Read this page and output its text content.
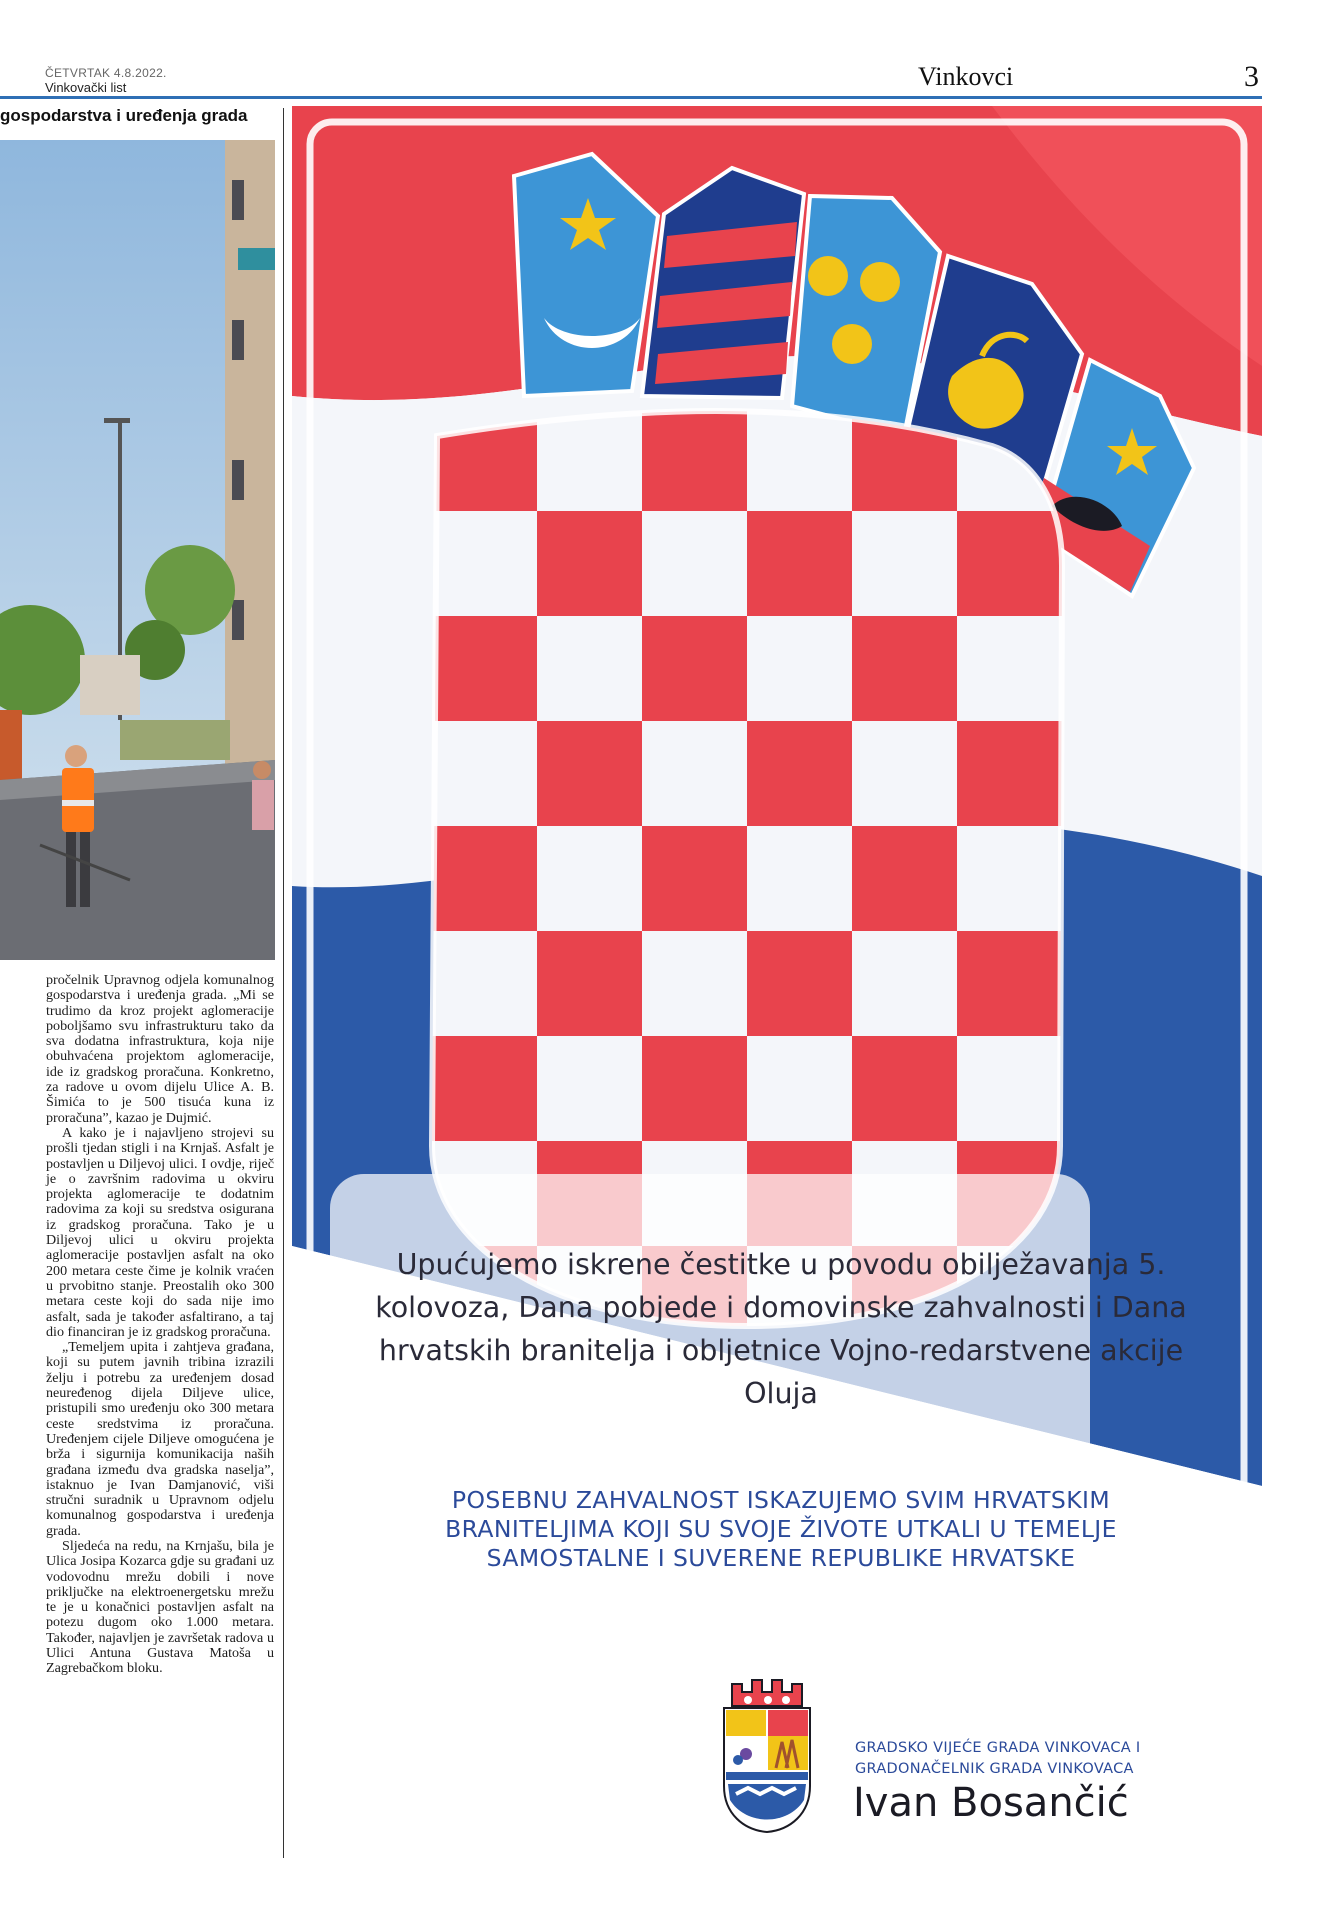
ČETVRTAK 4.8.2022.
Vinkovački list	Vinkovci	3
gospodarstva i uređenja grada

pročelnik Upravnog odjela komunalnog gospodarstva i uređenja grada. „Mi se trudimo da kroz projekt aglomeracije poboljšamo svu infrastrukturu tako da sva dodatna infrastruktura, koja nije obuhvaćena projektom aglomeracije, ide iz gradskog proračuna. Konkretno, za radove u ovom dijelu Ulice A. B. Šimića to je 500 tisuća kuna iz proračuna”, kazao je Dujmić.

A kako je i najavljeno strojevi su prošli tjedan stigli i na Krnjaš. Asfalt je postavljen u Diljevoj ulici. I ovdje, riječ je o završnim radovima u okviru projekta aglomeracije te dodatnim radovima za koji su sredstva osigurana iz gradskog proračuna. Tako je u Diljevoj ulici u okviru projekta aglomeracije postavljen asfalt na oko 200 metara ceste čime je kolnik vraćen u prvobitno stanje. Preostalih oko 300 metara ceste koji do sada nije imo asfalt, sada je također asfaltirano, a taj dio financiran je iz gradskog proračuna.

„Temeljem upita i zahtjeva građana, koji su putem javnih tribina izrazili želju i potrebu za uređenjem dosad neuređenog dijela Diljeve ulice, pristupili smo uređenju oko 300 metara ceste sredstvima iz proračuna. Uređenjem cijele Diljeve omogućena je brža i sigurnija komunikacija naših građana između dva gradska naselja”, istaknuo je Ivan Damjanović, viši stručni suradnik u Upravnom odjelu komunalnog gospodarstva i uređenja grada.

Sljedeća na redu, na Krnjašu, bila je Ulica Josipa Kozarca gdje su građani uz vodovodnu mrežu dobili i nove priključke na elektroenergetsku mrežu te je u konačnici postavljen asfalt na potezu dugom oko 1.000 metara. Također, najavljen je završetak radova u Ulici Antuna Gustava Matoša u Zagrebačkom bloku.

Upućujemo iskrene čestitke u povodu obilježavanja 5. kolovoza, Dana pobjede i domovinske zahvalnosti i Dana hrvatskih branitelja i obljetnice Vojno-redarstvene akcije Oluja
POSEBNU ZAHVALNOST ISKAZUJEMO SVIM HRVATSKIM BRANITELJIMA KOJI SU SVOJE ŽIVOTE UTKALI U TEMELJE SAMOSTALNE I SUVERENE REPUBLIKE HRVATSKE
GRADSKO VIJEĆE GRADA VINKOVACA I
GRADONAČELNIK GRADA VINKOVACA
Ivan Bosančić
